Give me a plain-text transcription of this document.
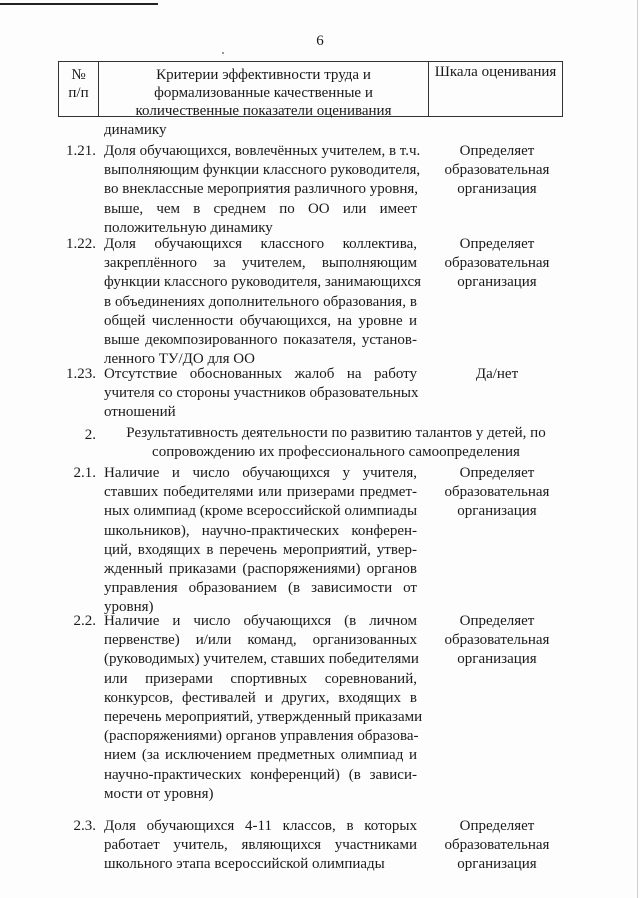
6
№
п/п
Критерии эффективности труда и
формализованные качественные и
количественные показатели оценивания
Шкала оценивания
динамику
1.21. Доля обучающихся, вовлечённых учителем, в т.ч.
выполняющим функции классного руководителя,
во внеклассные мероприятия различного уровня,
выше, чем в среднем по ОО или имеет
положительную динамику
Определяет
образовательная
организация
1.22. Доля обучающихся классного коллектива,
закреплённого за учителем, выполняющим
функции классного руководителя, занимающихся
в объединениях дополнительного образования, в
общей численности обучающихся, на уровне и
выше декомпозированного показателя, установ-
ленного ТУ/ДО для ОО
Определяет
образовательная
организация
1.23. Отсутствие обоснованных жалоб на работу
учителя со стороны участников образовательных
отношений
Да/нет
2.	Результативность деятельности по развитию талантов у детей, по
сопровождению их профессионального самоопределения
2.1. Наличие и число обучающихся у учителя,
ставших победителями или призерами предмет-
ных олимпиад (кроме всероссийской олимпиады
школьников), научно-практических конферен-
ций, входящих в перечень мероприятий, утвер-
жденный приказами (распоряжениями) органов
управления образованием (в зависимости от
уровня)
Определяет
образовательная
организация
2.2. Наличие и число обучающихся (в личном
первенстве) и/или команд, организованных
(руководимых) учителем, ставших победителями
или призерами спортивных соревнований,
конкурсов, фестивалей и других, входящих в
перечень мероприятий, утвержденный приказами
(распоряжениями) органов управления образова-
нием (за исключением предметных олимпиад и
научно-практических конференций) (в зависи-
мости от уровня)
Определяет
образовательная
организация
2.3. Доля обучающихся 4-11 классов, в которых
работает учитель, являющихся участниками
школьного этапа всероссийской олимпиады
Определяет
образовательная
организация
